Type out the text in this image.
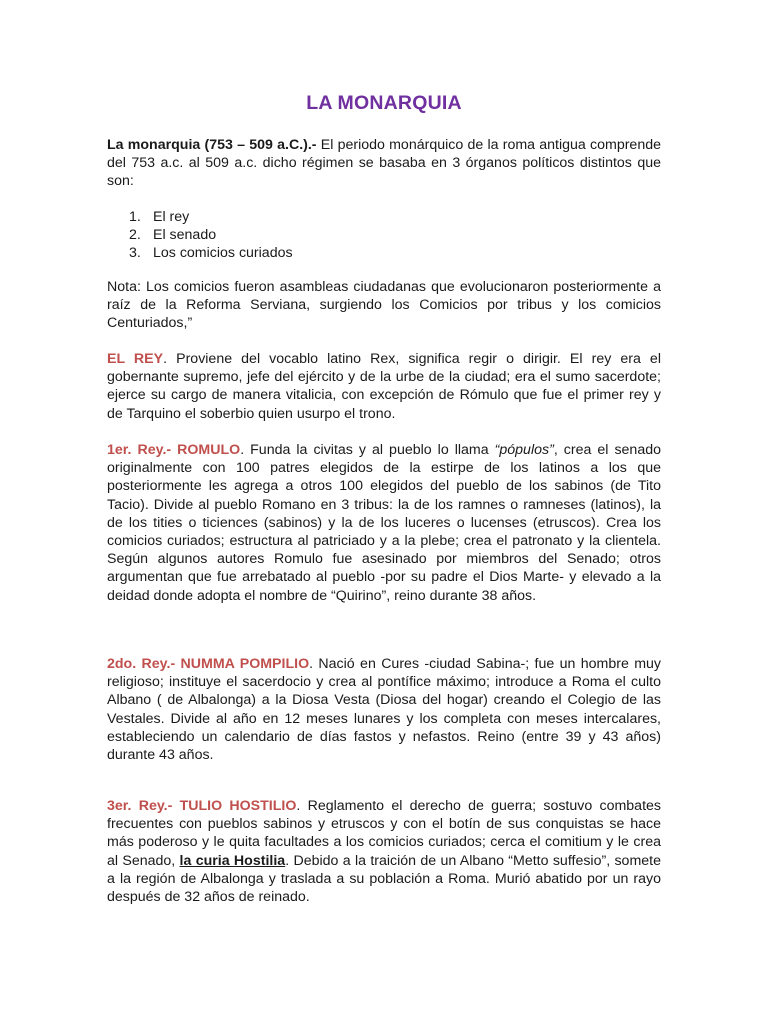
LA MONARQUIA

La monarquia (753 – 509 a.C.).- El periodo monárquico de la roma antigua comprende del 753 a.c. al 509 a.c. dicho régimen se basaba en 3 órganos políticos distintos que son:

1. El rey
2. El senado
3. Los comicios curiados

Nota: Los comicios fueron asambleas ciudadanas que evolucionaron posteriormente a raíz de la Reforma Serviana, surgiendo los Comicios por tribus y los comicios Centuriados,”

EL REY. Proviene del vocablo latino Rex, significa regir o dirigir. El rey era el gobernante supremo, jefe del ejército y de la urbe de la ciudad; era el sumo sacerdote; ejerce su cargo de manera vitalicia, con excepción de Rómulo que fue el primer rey y de Tarquino el soberbio quien usurpo el trono.

1er. Rey.- ROMULO. Funda la civitas y al pueblo lo llama “pópulos”, crea el senado originalmente con 100 patres elegidos de la estirpe de los latinos a los que posteriormente les agrega a otros 100 elegidos del pueblo de los sabinos (de Tito Tacio). Divide al pueblo Romano en 3 tribus: la de los ramnes o ramneses (latinos), la de los tities o ticiences (sabinos) y la de los luceres o lucenses (etruscos). Crea los comicios curiados; estructura al patriciado y a la plebe; crea el patronato y la clientela. Según algunos autores Romulo fue asesinado por miembros del Senado; otros argumentan que fue arrebatado al pueblo -por su padre el Dios Marte- y elevado a la deidad donde adopta el nombre de “Quirino”, reino durante 38 años.

2do. Rey.- NUMMA POMPILIO. Nació en Cures -ciudad Sabina-; fue un hombre muy religioso; instituye el sacerdocio y crea al pontífice máximo; introduce a Roma el culto Albano ( de Albalonga) a la Diosa Vesta (Diosa del hogar) creando el Colegio de las Vestales. Divide al año en 12 meses lunares y los completa con meses intercalares, estableciendo un calendario de días fastos y nefastos. Reino (entre 39 y 43 años) durante 43 años.

3er. Rey.- TULIO HOSTILIO. Reglamento el derecho de guerra; sostuvo combates frecuentes con pueblos sabinos y etruscos y con el botín de sus conquistas se hace más poderoso y le quita facultades a los comicios curiados; cerca el comitium y le crea al Senado, la curia Hostilia. Debido a la traición de un Albano “Metto suffesio”, somete a la región de Albalonga y traslada a su población a Roma. Murió abatido por un rayo después de 32 años de reinado.
